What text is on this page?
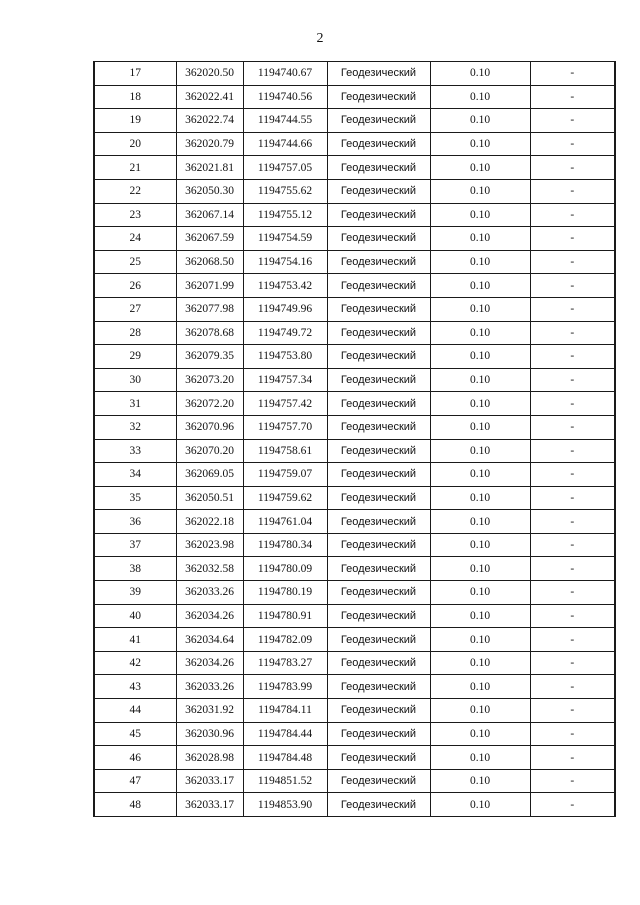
2
17	362020.50	1194740.67	Геодезический	0.10	-
18	362022.41	1194740.56	Геодезический	0.10	-
19	362022.74	1194744.55	Геодезический	0.10	-
20	362020.79	1194744.66	Геодезический	0.10	-
21	362021.81	1194757.05	Геодезический	0.10	-
22	362050.30	1194755.62	Геодезический	0.10	-
23	362067.14	1194755.12	Геодезический	0.10	-
24	362067.59	1194754.59	Геодезический	0.10	-
25	362068.50	1194754.16	Геодезический	0.10	-
26	362071.99	1194753.42	Геодезический	0.10	-
27	362077.98	1194749.96	Геодезический	0.10	-
28	362078.68	1194749.72	Геодезический	0.10	-
29	362079.35	1194753.80	Геодезический	0.10	-
30	362073.20	1194757.34	Геодезический	0.10	-
31	362072.20	1194757.42	Геодезический	0.10	-
32	362070.96	1194757.70	Геодезический	0.10	-
33	362070.20	1194758.61	Геодезический	0.10	-
34	362069.05	1194759.07	Геодезический	0.10	-
35	362050.51	1194759.62	Геодезический	0.10	-
36	362022.18	1194761.04	Геодезический	0.10	-
37	362023.98	1194780.34	Геодезический	0.10	-
38	362032.58	1194780.09	Геодезический	0.10	-
39	362033.26	1194780.19	Геодезический	0.10	-
40	362034.26	1194780.91	Геодезический	0.10	-
41	362034.64	1194782.09	Геодезический	0.10	-
42	362034.26	1194783.27	Геодезический	0.10	-
43	362033.26	1194783.99	Геодезический	0.10	-
44	362031.92	1194784.11	Геодезический	0.10	-
45	362030.96	1194784.44	Геодезический	0.10	-
46	362028.98	1194784.48	Геодезический	0.10	-
47	362033.17	1194851.52	Геодезический	0.10	-
48	362033.17	1194853.90	Геодезический	0.10	-
